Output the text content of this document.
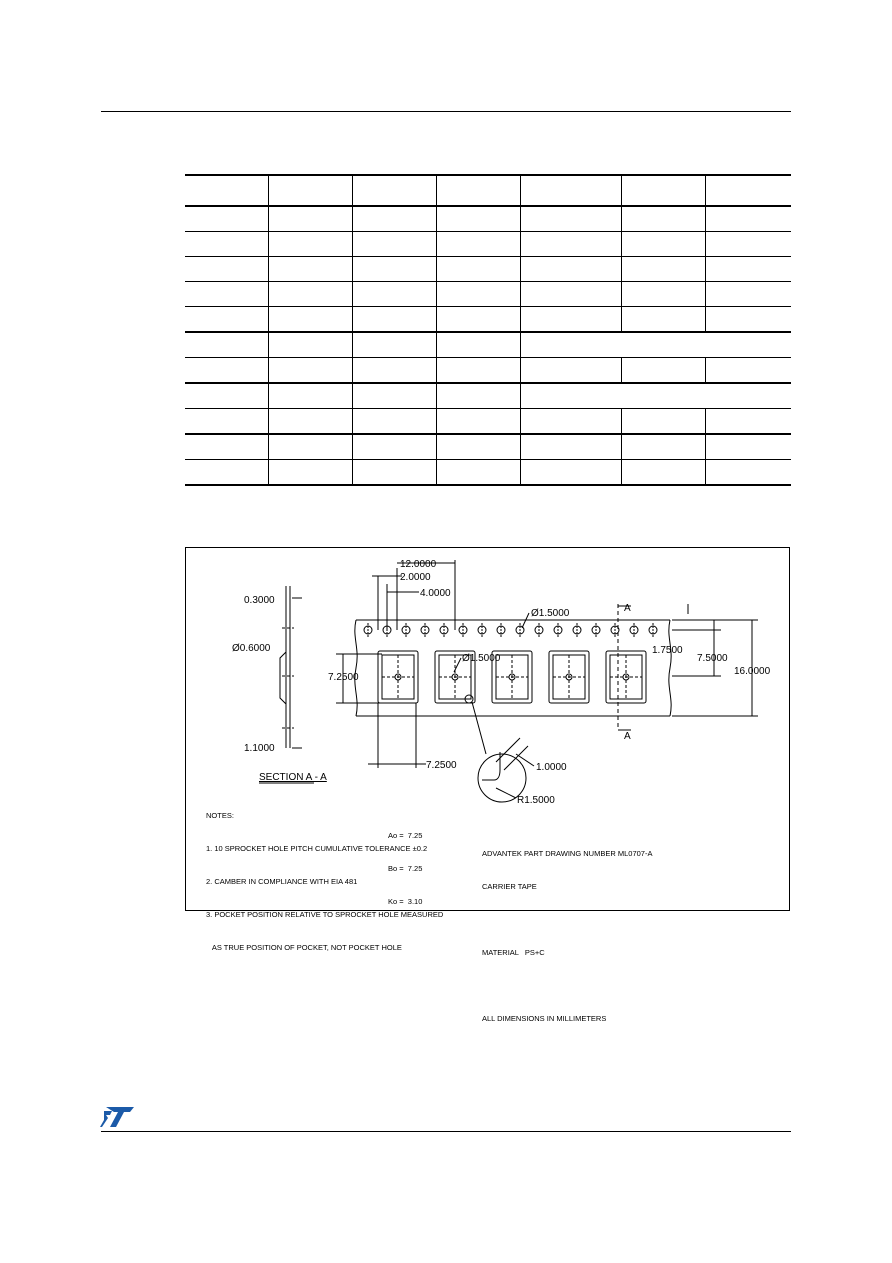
0.3000
Ø0.6000
1.1000
SECTION A - A
12.0000
2.0000
4.0000
Ø1.5000	A
A
1.7500
7.5000
16.0000
7.2500
Ø1.5000
7.2500	1.0000
R1.5000

NOTES:

1. 10 SPROCKET HOLE PITCH CUMULATIVE TOLERANCE ±0.2

2. CAMBER IN COMPLIANCE WITH EIA 481

3. POCKET POSITION RELATIVE TO SPROCKET HOLE MEASURED

AS TRUE POSITION OF POCKET, NOT POCKET HOLE

Ao =  7.25

Bo =  7.25

Ko =  3.10

ADVANTEK PART DRAWING NUMBER ML0707-A

CARRIER TAPE

MATERIAL   PS+C

ALL DIMENSIONS IN MILLIMETERS
